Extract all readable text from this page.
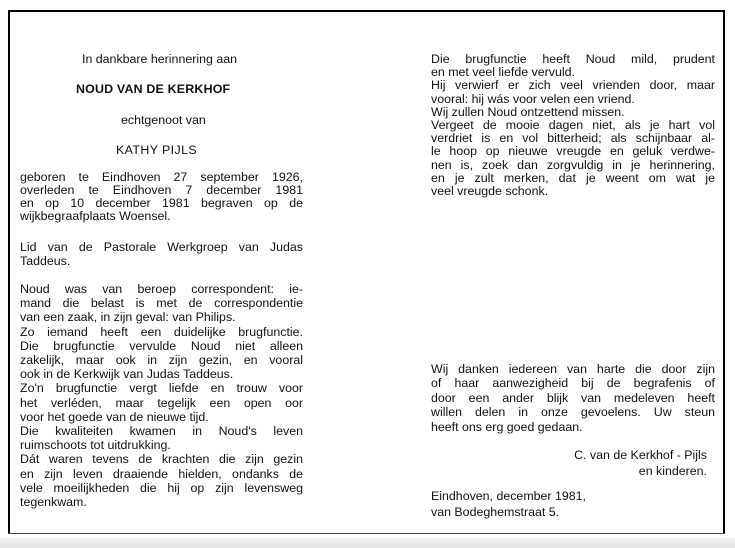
In dankbare herinnering aan
NOUD VAN DE KERKHOF
echtgenoot van
KATHY PIJLS
geboren te Eindhoven 27 september 1926,
overleden te Eindhoven 7 december 1981
en op 10 december 1981 begraven op de
wijkbegraafplaats Woensel.
Lid van de Pastorale Werkgroep van Judas
Taddeus.
Noud was van beroep correspondent: ie-
mand die belast is met de correspondentie
van een zaak, in zijn geval: van Philips.
Zo iemand heeft een duidelijke brugfunctie.
Die brugfunctie vervulde Noud niet alleen
zakelijk, maar ook in zijn gezin, en vooral
ook in de Kerkwijk van Judas Taddeus.
Zo'n brugfunctie vergt liefde en trouw voor
het verléden, maar tegelijk een open oor
voor het goede van de nieuwe tijd.
Die kwaliteiten kwamen in Noud's leven
ruimschoots tot uitdrukking.
Dát waren tevens de krachten die zijn gezin
en zijn leven draaiende hielden, ondanks de
vele moeilijkheden die hij op zijn levensweg
tegenkwam.
Die brugfunctie heeft Noud mild, prudent
en met veel liefde vervuld.
Hij verwierf er zich veel vrienden door, maar
vooral: hij wás voor velen een vriend.
Wij zullen Noud ontzettend missen.
Vergeet de mooie dagen niet, als je hart vol
verdriet is en vol bitterheid; als schijnbaar al-
le hoop op nieuwe vreugde en geluk verdwe-
nen is, zoek dan zorgvuldig in je herinnering,
en je zult merken, dat je weent om wat je
veel vreugde schonk.
Wij danken iedereen van harte die door zijn
of haar aanwezigheid bij de begrafenis of
door een ander blijk van medeleven heeft
willen delen in onze gevoelens. Uw steun
heeft ons erg goed gedaan.
C. van de Kerkhof - Pijls
en kinderen.
Eindhoven, december 1981,
van Bodeghemstraat 5.
